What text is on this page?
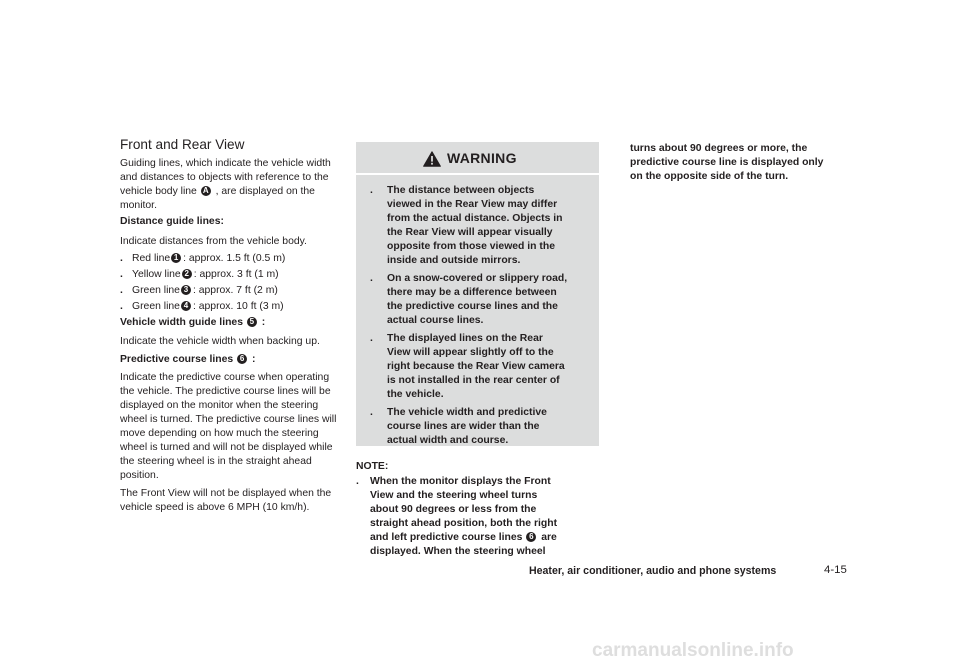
Front and Rear View
Guiding lines, which indicate the vehicle width
and distances to objects with reference to the
vehicle body line A , are displayed on the
monitor.
Distance guide lines:
Indicate distances from the vehicle body.
. Red line 1 : approx. 1.5 ft (0.5 m)
. Yellow line 2 : approx. 3 ft (1 m)
. Green line 3 : approx. 7 ft (2 m)
. Green line 4 : approx. 10 ft (3 m)
Vehicle width guide lines 5 :
Indicate the vehicle width when backing up.
Predictive course lines 6 :
Indicate the predictive course when operating
the vehicle. The predictive course lines will be
displayed on the monitor when the steering
wheel is turned. The predictive course lines will
move depending on how much the steering
wheel is turned and will not be displayed while
the steering wheel is in the straight ahead
position.
The Front View will not be displayed when the
vehicle speed is above 6 MPH (10 km/h).
WARNING
. The distance between objects
viewed in the Rear View may differ
from the actual distance. Objects in
the Rear View will appear visually
opposite from those viewed in the
inside and outside mirrors.
. On a snow-covered or slippery road,
there may be a difference between
the predictive course lines and the
actual course lines.
. The displayed lines on the Rear
View will appear slightly off to the
right because the Rear View camera
is not installed in the rear center of
the vehicle.
. The vehicle width and predictive
course lines are wider than the
actual width and course.
NOTE:
. When the monitor displays the Front
View and the steering wheel turns
about 90 degrees or less from the
straight ahead position, both the right
and left predictive course lines 6 are
displayed. When the steering wheel
turns about 90 degrees or more, the
predictive course line is displayed only
on the opposite side of the turn.
Heater, air conditioner, audio and phone systems	4-15
carmanualsonline.info
